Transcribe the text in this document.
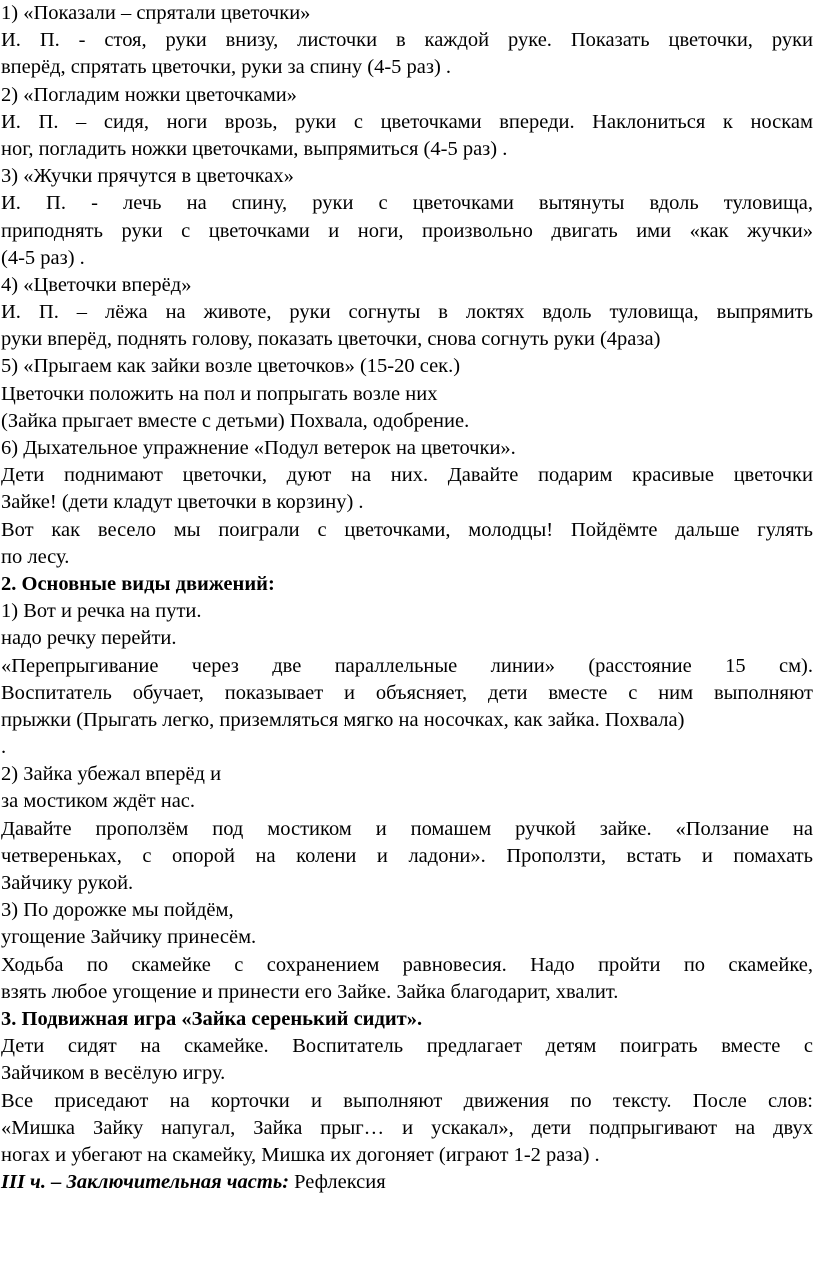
1) «Показали – спрятали цветочки»
И. П. - стоя, руки внизу, листочки в каждой руке. Показать цветочки, руки
вперёд, спрятать цветочки, руки за спину (4-5 раз) .
2) «Погладим ножки цветочками»
И. П. – сидя, ноги врозь, руки с цветочками впереди. Наклониться к носкам
ног, погладить ножки цветочками, выпрямиться (4-5 раз) .
3) «Жучки прячутся в цветочках»
И. П. - лечь на спину, руки с цветочками вытянуты вдоль туловища,
приподнять руки с цветочками и ноги, произвольно двигать ими «как жучки»
(4-5 раз) .
4) «Цветочки вперёд»
И. П. – лёжа на животе, руки согнуты в локтях вдоль туловища, выпрямить
руки вперёд, поднять голову, показать цветочки, снова согнуть руки (4раза)
5) «Прыгаем как зайки возле цветочков» (15-20 сек.)
Цветочки положить на пол и попрыгать возле них
(Зайка прыгает вместе с детьми) Похвала, одобрение.
6) Дыхательное упражнение «Подул ветерок на цветочки».
Дети поднимают цветочки, дуют на них. Давайте подарим красивые цветочки
Зайке! (дети кладут цветочки в корзину) .
Вот как весело мы поиграли с цветочками, молодцы! Пойдёмте дальше гулять
по лесу.
2. Основные виды движений:
1) Вот и речка на пути.
надо речку перейти.
«Перепрыгивание через две параллельные линии» (расстояние 15 см).
Воспитатель обучает, показывает и объясняет, дети вместе с ним выполняют
прыжки (Прыгать легко, приземляться мягко на носочках, как зайка. Похвала)
.
2) Зайка убежал вперёд и
за мостиком ждёт нас.
Давайте проползём под мостиком и помашем ручкой зайке. «Ползание на
четвереньках, с опорой на колени и ладони». Проползти, встать и помахать
Зайчику рукой.
3) По дорожке мы пойдём,
угощение Зайчику принесём.
Ходьба по скамейке с сохранением равновесия. Надо пройти по скамейке,
взять любое угощение и принести его Зайке. Зайка благодарит, хвалит.
3. Подвижная игра «Зайка серенький сидит».
Дети сидят на скамейке. Воспитатель предлагает детям поиграть вместе с
Зайчиком в весёлую игру.
Все приседают на корточки и выполняют движения по тексту. После слов:
«Мишка Зайку напугал, Зайка прыг… и ускакал», дети подпрыгивают на двух
ногах и убегают на скамейку, Мишка их догоняет (играют 1-2 раза) .
III ч. – Заключительная часть: Рефлексия
